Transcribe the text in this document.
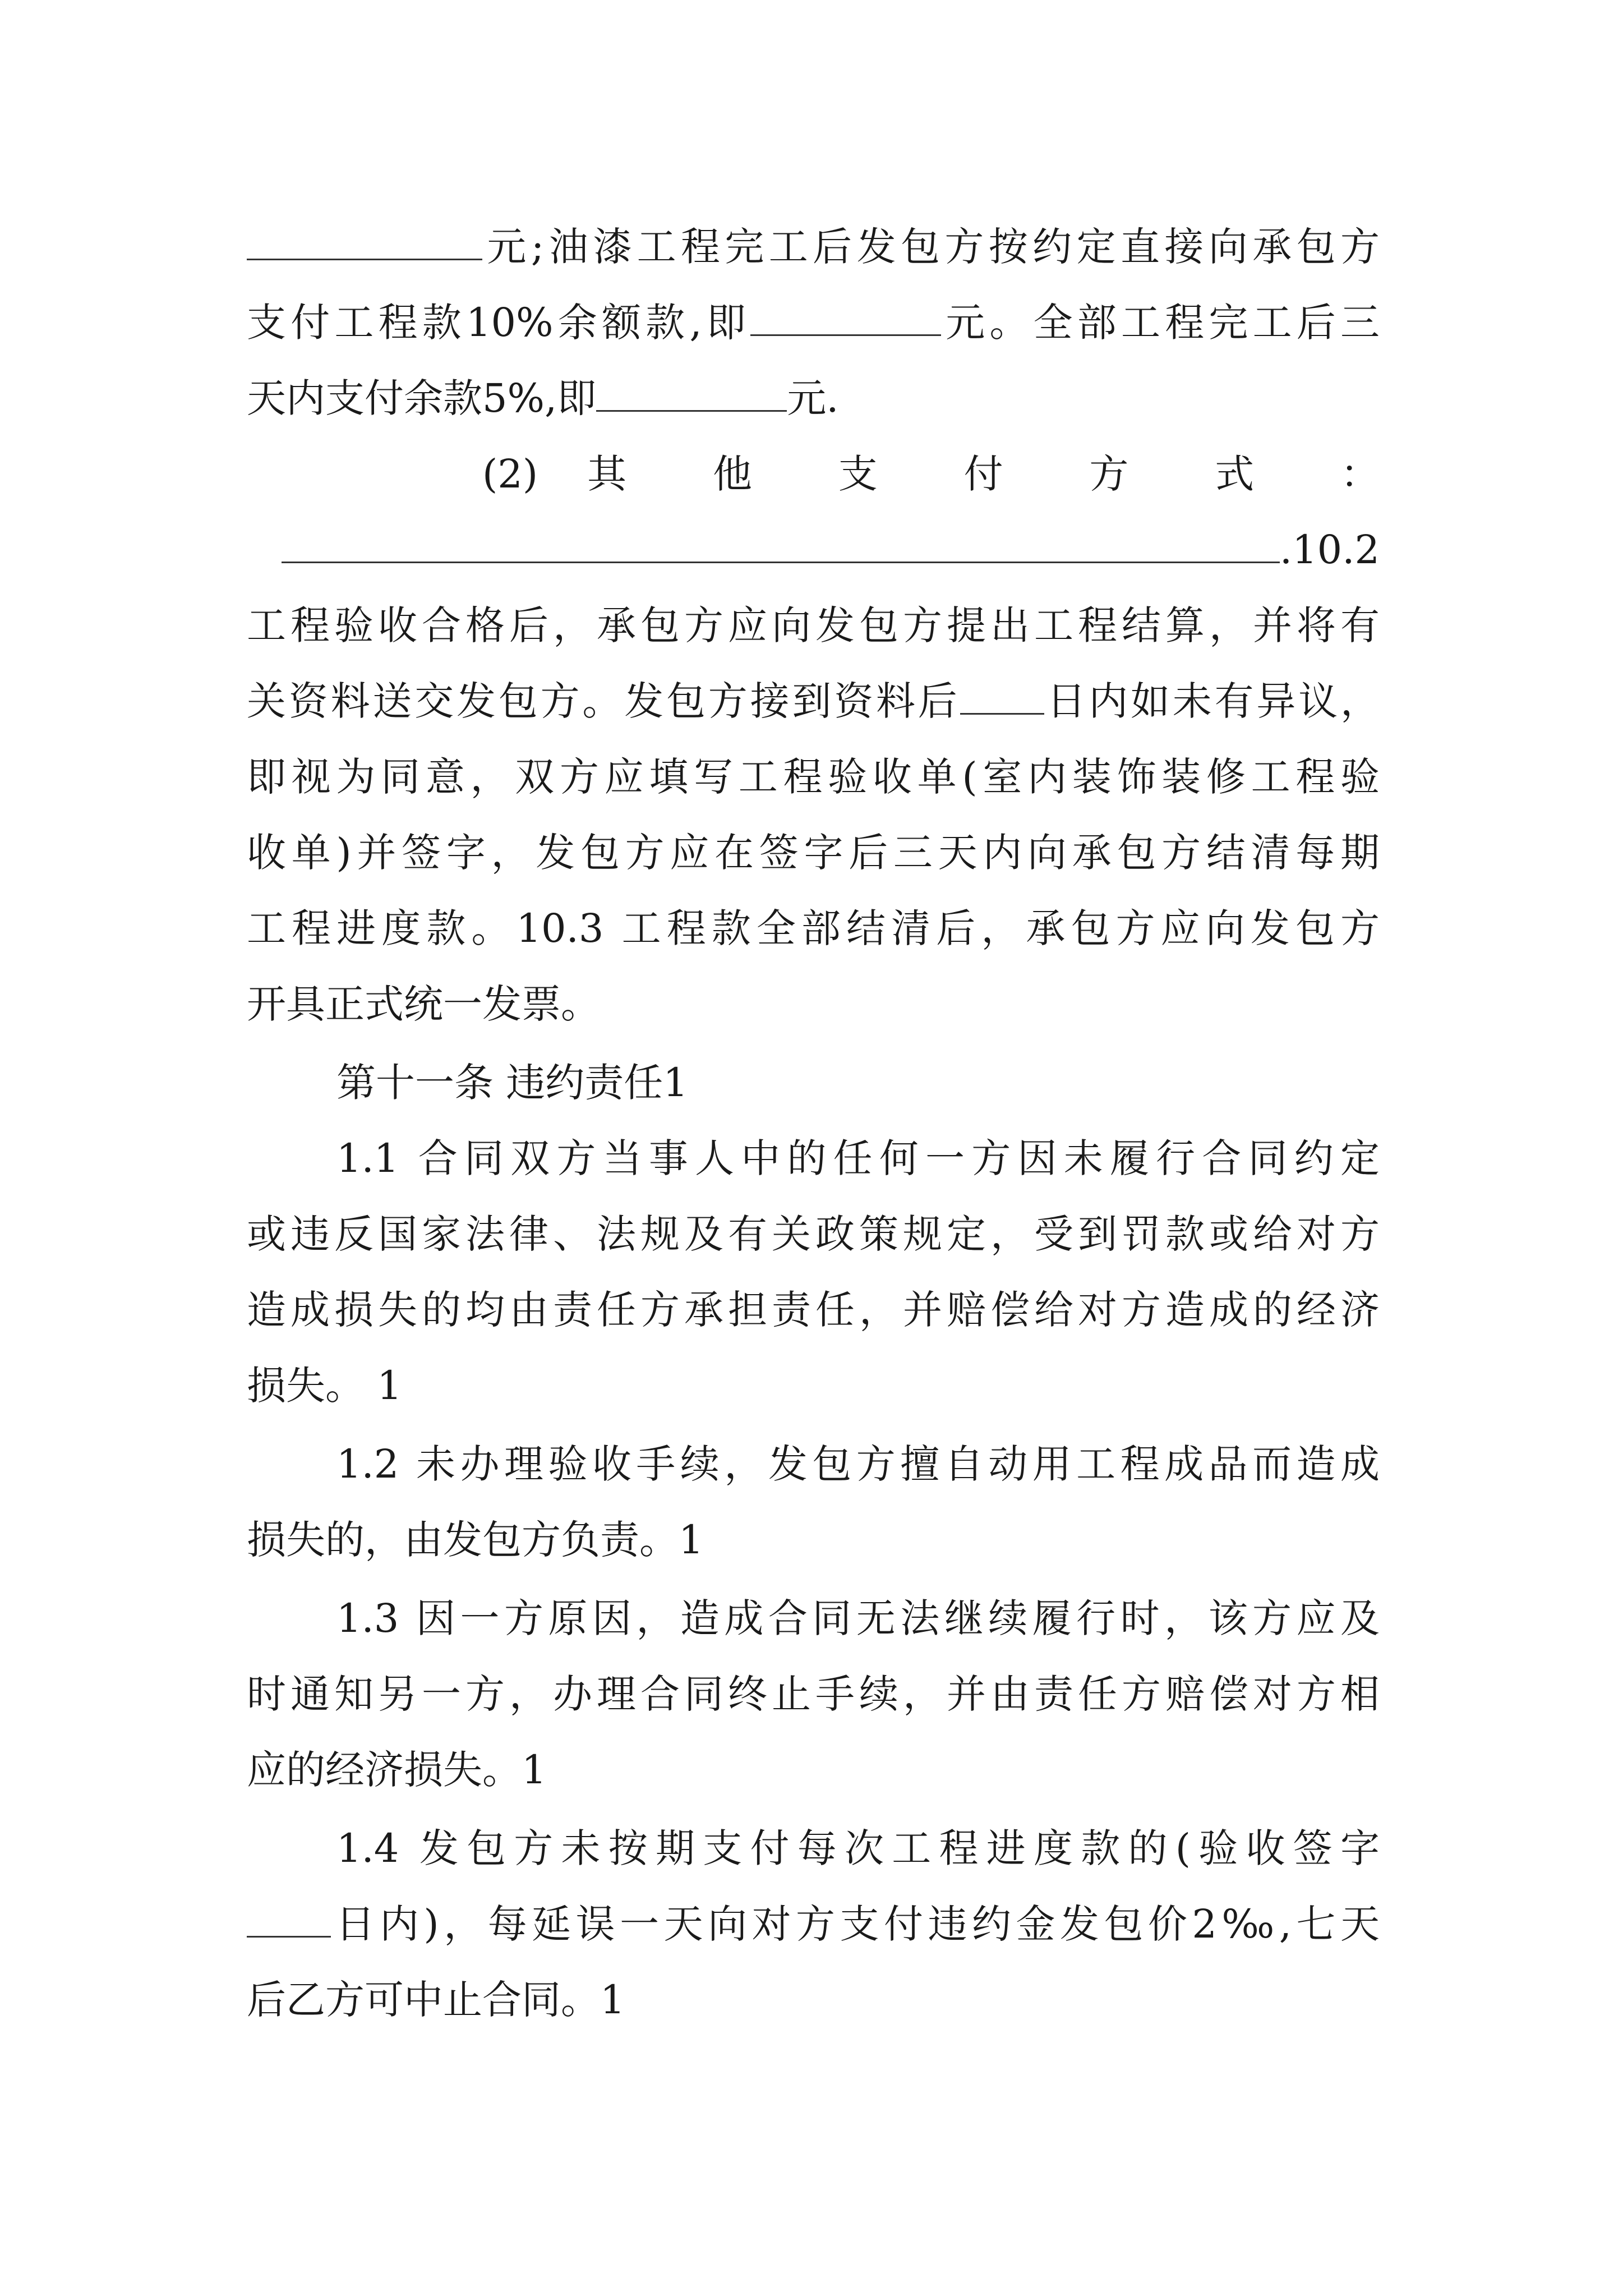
元;油漆工程完工后发包方按约定直接向承包方
支付工程款10%余额款,即	元。全部工程完工后三
天内支付余款5%,即	元.
(2) 其 他 支 付 方 式 ：
.10.2
工程验收合格后，承包方应向发包方提出工程结算，并将有
关资料送交发包方。发包方接到资料后 日内如未有异议，
即视为同意，双方应填写工程验收单(室内装饰装修工程验
收单)并签字，发包方应在签字后三天内向承包方结清每期
工程进度款。10.3 工程款全部结清后，承包方应向发包方
开具正式统一发票。
第十一条 违约责任1
1.1 合同双方当事人中的任何一方因未履行合同约定
或违反国家法律、法规及有关政策规定，受到罚款或给对方
造成损失的均由责任方承担责任，并赔偿给对方造成的经济
损失。 1
1.2 未办理验收手续，发包方擅自动用工程成品而造成
损失的，由发包方负责。1
1.3 因一方原因，造成合同无法继续履行时，该方应及
时通知另一方，办理合同终止手续，并由责任方赔偿对方相
应的经济损失。1
1.4 发包方未按期支付每次工程进度款的(验收签字
日内)，每延误一天向对方支付违约金发包价2‰,七天
后乙方可中止合同。1
